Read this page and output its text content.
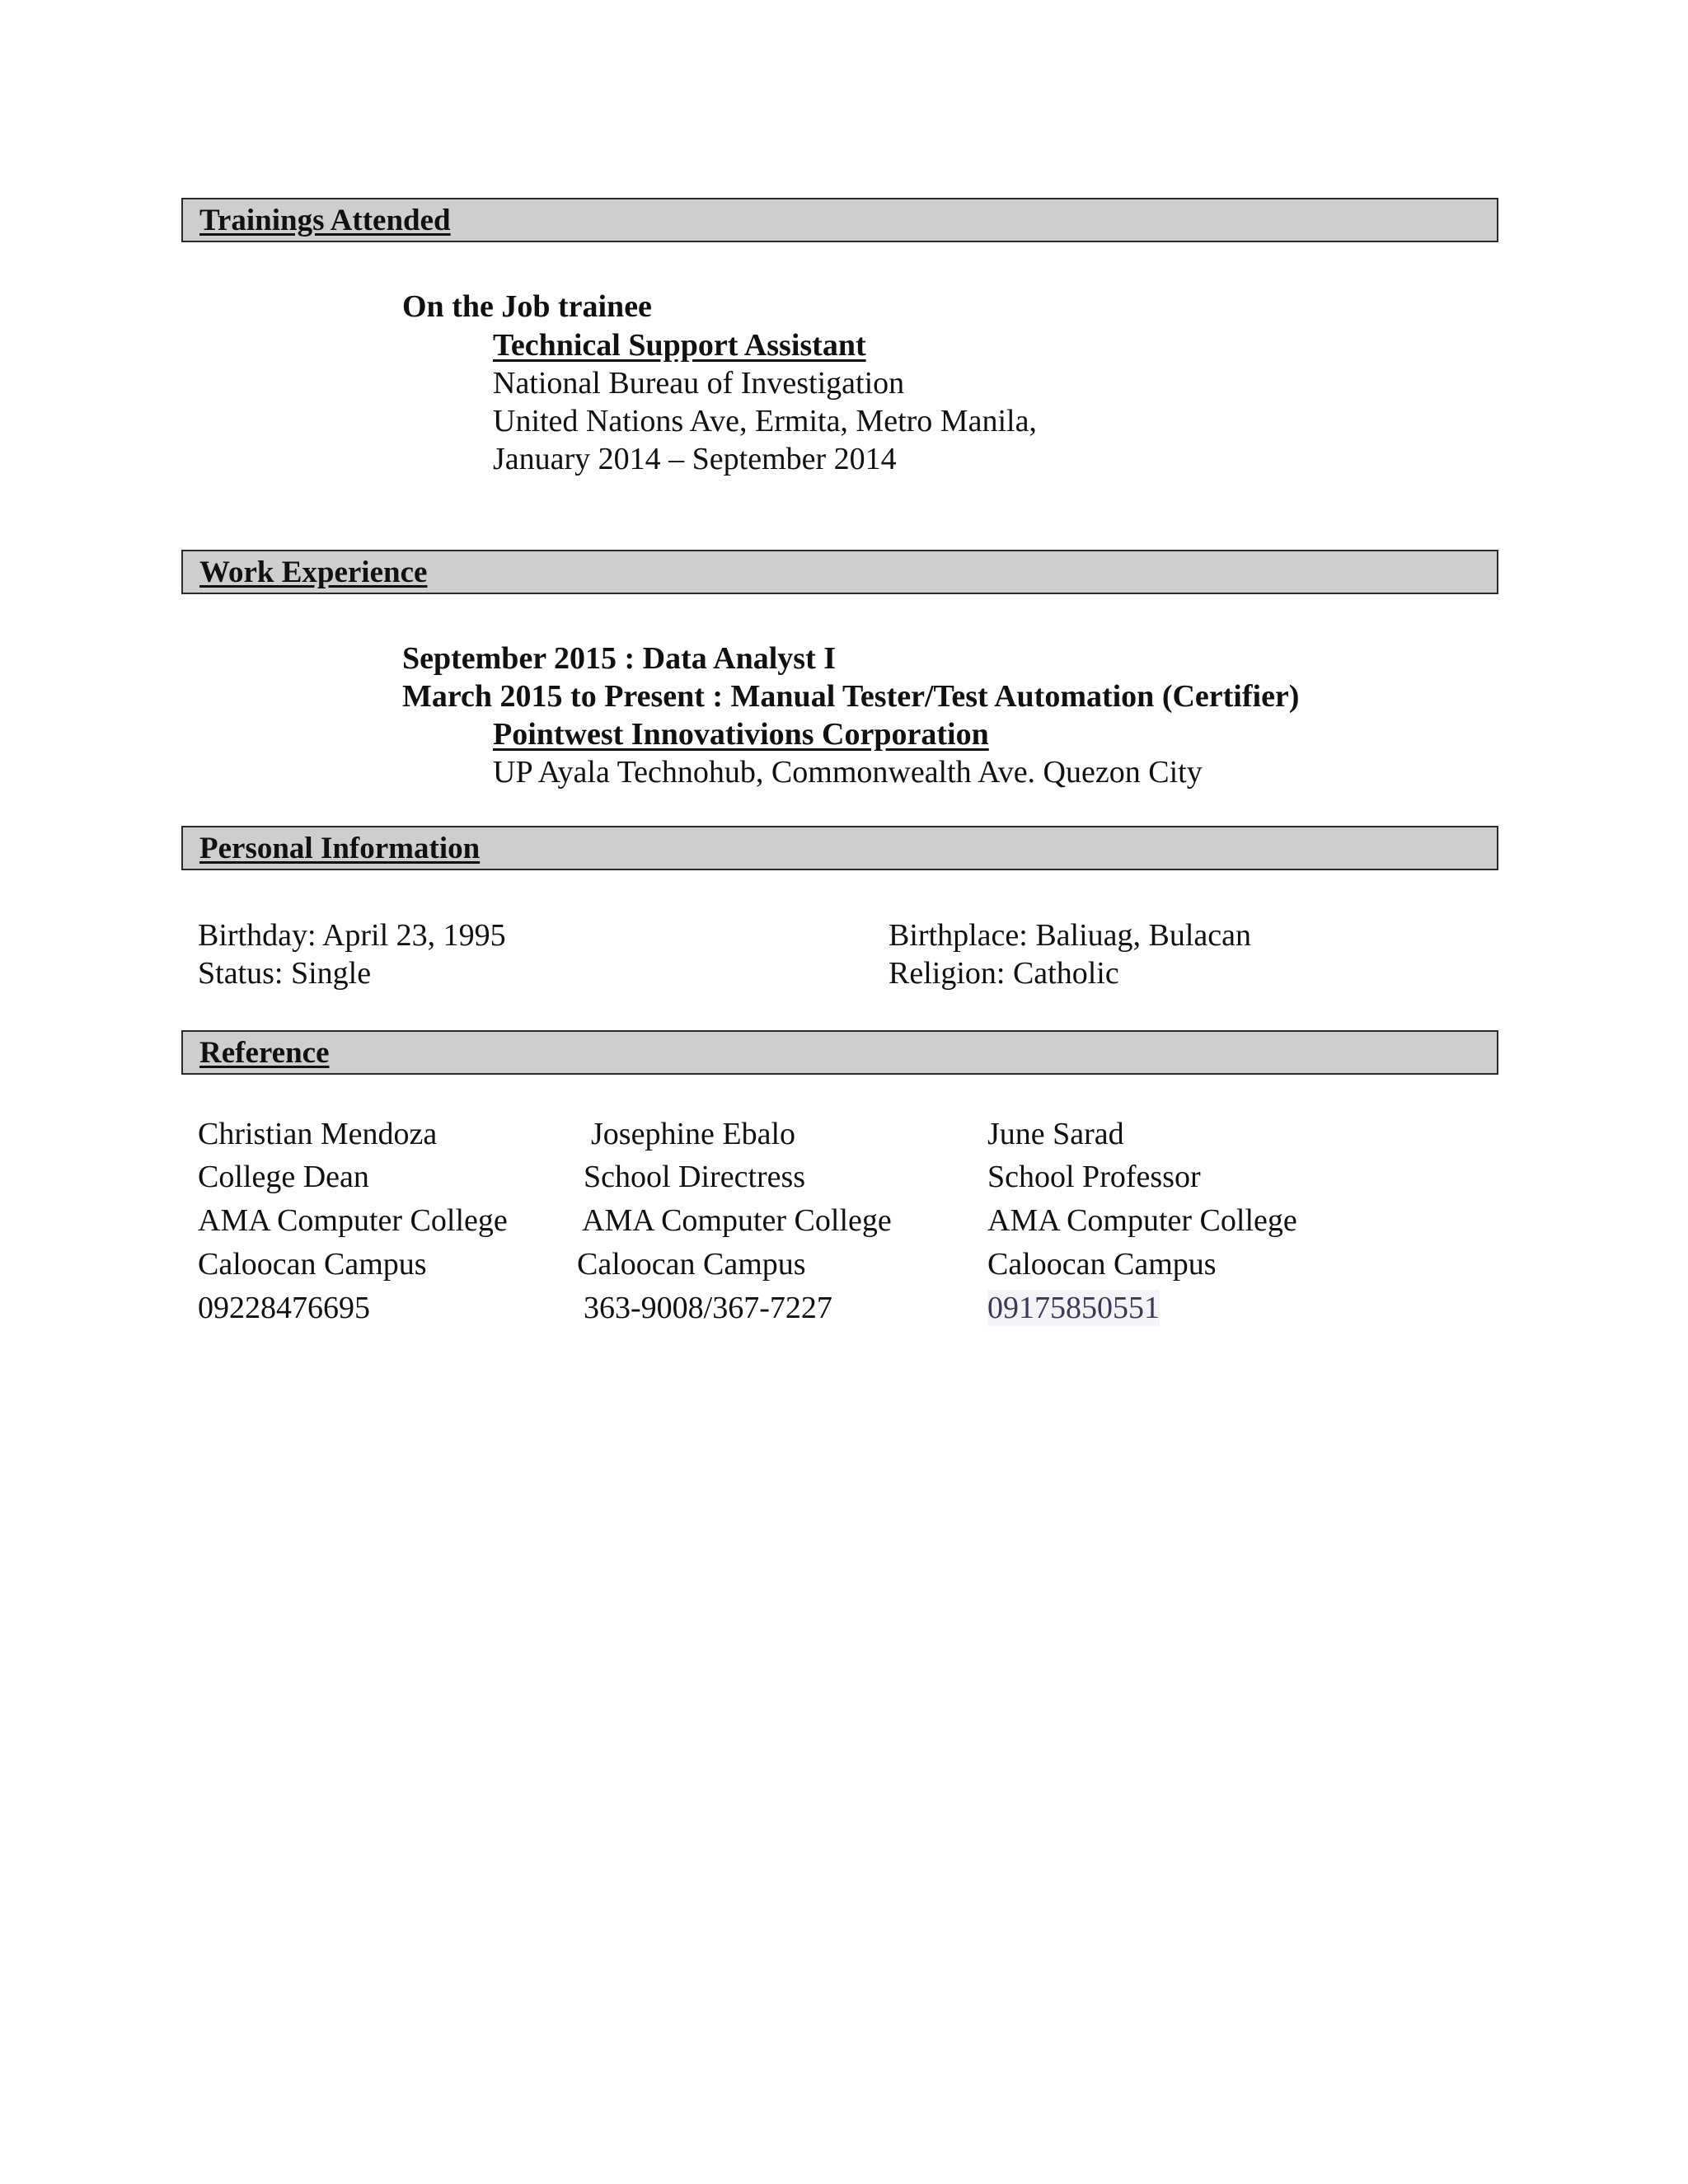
Trainings Attended
On the Job trainee
Technical Support Assistant
National Bureau of Investigation
United Nations Ave, Ermita, Metro Manila,
January 2014 – September 2014
Work Experience
September 2015 : Data Analyst I
March 2015 to Present : Manual Tester/Test Automation (Certifier)
Pointwest Innovativions Corporation
UP Ayala Technohub, Commonwealth Ave. Quezon City
Personal Information
Birthday: April 23, 1995
Status: Single
Birthplace: Baliuag, Bulacan
Religion: Catholic
Reference
Christian Mendoza
College Dean
AMA Computer College
Caloocan Campus
09228476695
Josephine Ebalo
School Directress
AMA Computer College
Caloocan Campus
363-9008/367-7227
June Sarad
School Professor
AMA Computer College
Caloocan Campus
09175850551
